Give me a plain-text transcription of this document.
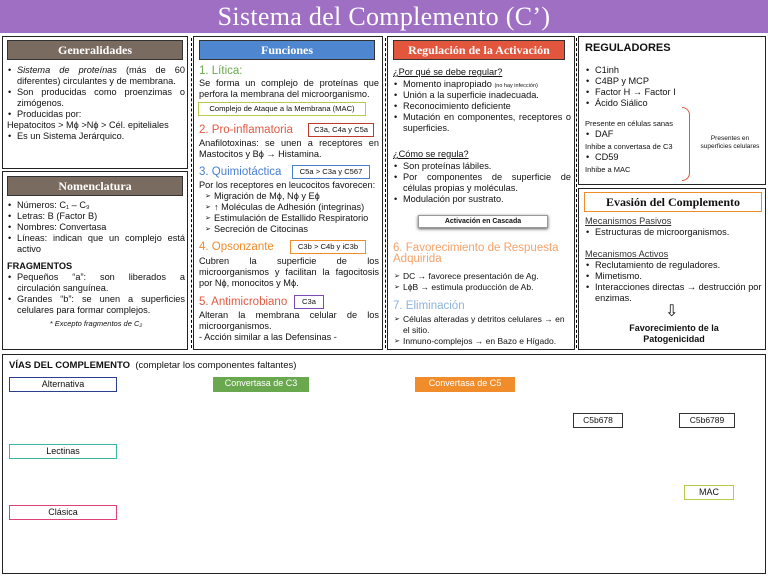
Sistema del Complemento (C’)
Generalidades
• Sistema de proteínas (más de 60 diferentes) circulantes y de membrana.
• Son producidas como proenzimas o zimógenos.
• Producidas por:
Hepatocitos > Mϕ >Nϕ > Cél. epiteliales
• Es un Sistema Jerárquico.
Nomenclatura
• Números: C₁ – C₉
• Letras: B (Factor B)
• Nombres: Convertasa
• Líneas: indican que un complejo está activo
FRAGMENTOS
• Pequeños “a”: son liberados a circulación sanguínea.
• Grandes “b”: se unen a superficies celulares para formar complejos.
* Excepto fragmentos de C₂
Funciones
1. Lítica:
Se forma un complejo de proteínas que perfora la membrana del microorganismo.
Complejo de Ataque a la Membrana (MAC)
2. Pro-inflamatoria	C3a, C4a y C5a
Anafilotoxinas: se unen a receptores en Mastocitos y Bϕ → Histamina.
3. Quimiotáctica	C5a > C3a y C567
Por los receptores en leucocitos favorecen:
➢ Migración de Mϕ, Nϕ y Eϕ
➢ ↑ Moléculas de Adhesión (integrinas)
➢ Estimulación de Estallido Respiratorio
➢ Secreción de Citocinas
4. Opsonzante	C3b > C4b y iC3b
Cubren la superficie de los microorganismos y facilitan la fagocitosis por Nϕ, monocitos y Mϕ.
5. Antimicrobiano	C3a
Alteran la membrana celular de los microorganismos.
- Acción similar a las Defensinas -
Regulación de la Activación
¿Por qué se debe regular?
• Momento inapropiado (no hay infección)
• Unión a la superficie inadecuada.
• Reconocimiento deficiente
• Mutación en componentes, receptores o superficies.
¿Cómo se regula?
• Son proteínas lábiles.
• Por componentes de superficie de células propias y moléculas.
• Modulación por sustrato.
Activación en Cascada
6. Favorecimiento de Respuesta Adquirida
➢ DC → favorece presentación de Ag.
➢ LϕB → estimula producción de Ab.
7. Eliminación
➢ Células alteradas y detritos celulares → en el sitio.
➢ Inmuno-complejos → en Bazo e Hígado.
REGULADORES
• C1inh
• C4BP y MCP
• Factor H → Factor I
• Ácido Siálico
Presente en células sanas
• DAF
Inhibe a convertasa de C3
• CD59
Inhibe a MAC
Presentes en superficies celulares
Evasión del Complemento
Mecanismos Pasivos
• Estructuras de microorganismos.
Mecanismos Activos
• Reclutamiento de reguladores.
• Mimetismo.
• Interacciones directas → destrucción por enzimas.
⇩
Favorecimiento de la Patogenicidad
VÍAS DEL COMPLEMENTO (completar los componentes faltantes)
Alternativa	Convertasa de C3	Convertasa de C5
C5b678	C5b6789
Lectinas
MAC
Clásica
